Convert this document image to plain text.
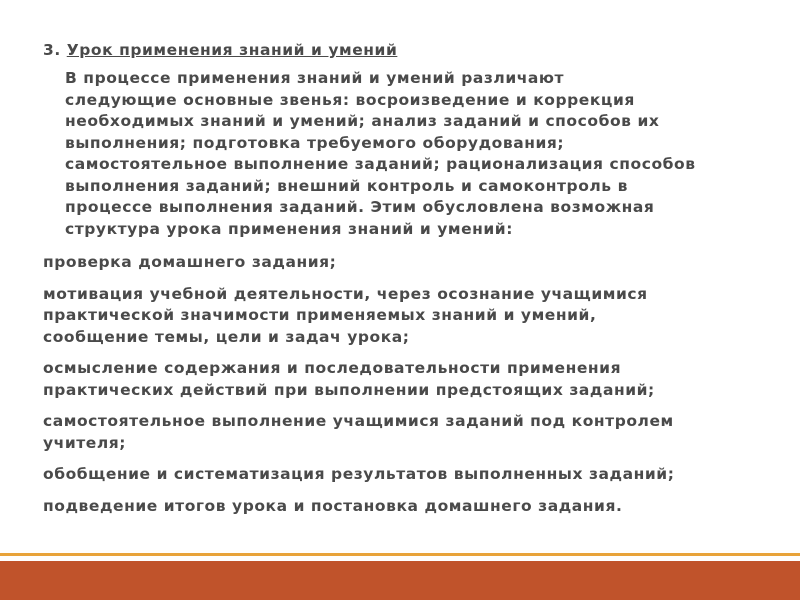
3. Урок применения знаний и умений
В процессе применения знаний и умений различают
следующие основные звенья: восроизведение и коррекция
необходимых знаний и умений; анализ заданий и способов их
выполнения; подготовка требуемого оборудования;
самостоятельное выполнение заданий; рационализация способов
выполнения заданий; внешний контроль и самоконтроль в
процессе выполнения заданий. Этим обусловлена возможная
структура урока применения знаний и умений:
проверка домашнего задания;
мотивация учебной деятельности, через осознание учащимися
практической значимости применяемых знаний и умений,
сообщение темы, цели и задач урока;
осмысление содержания и последовательности применения
практических действий при выполнении предстоящих заданий;
самостоятельное выполнение учащимися заданий под контролем
учителя;
обобщение и систематизация результатов выполненных заданий;
подведение итогов урока и постановка домашнего задания.
